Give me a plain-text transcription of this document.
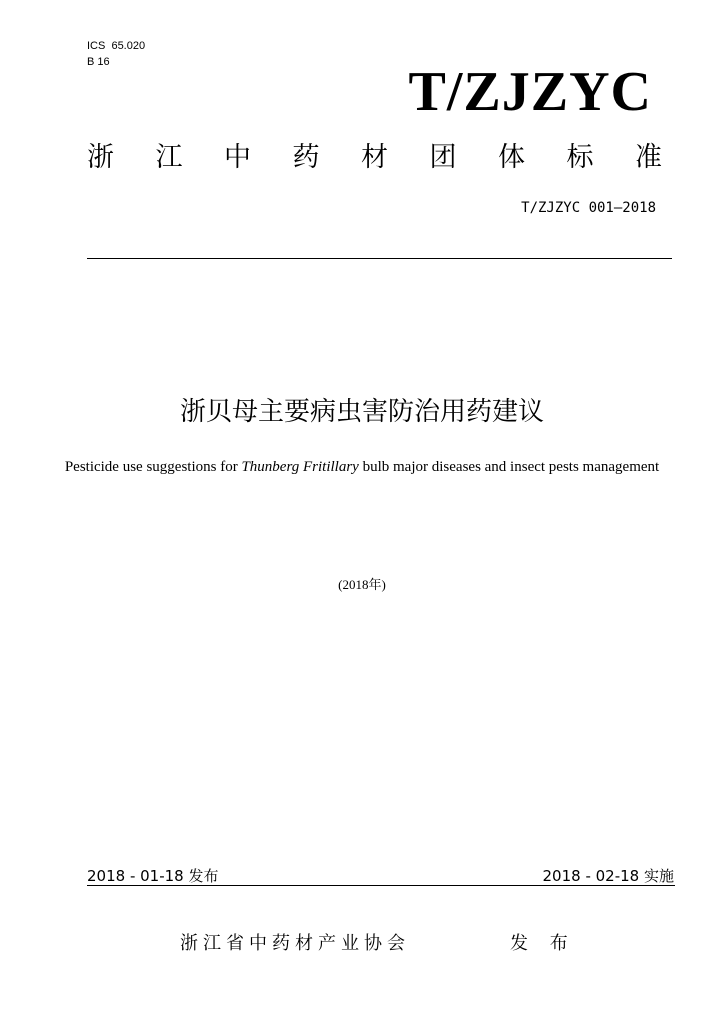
ICS  65.020
B 16	T/ZJZYC
浙 江 中 药 材 团 体 标 准
T/ZJZYC 001—2018
浙贝母主要病虫害防治用药建议
Pesticide use suggestions for Thunberg Fritillary bulb major diseases and insect pests management
(2018年)
2018 - 01-18 发布	2018 - 02-18 实施
浙江省中药材产业协会	发 布
